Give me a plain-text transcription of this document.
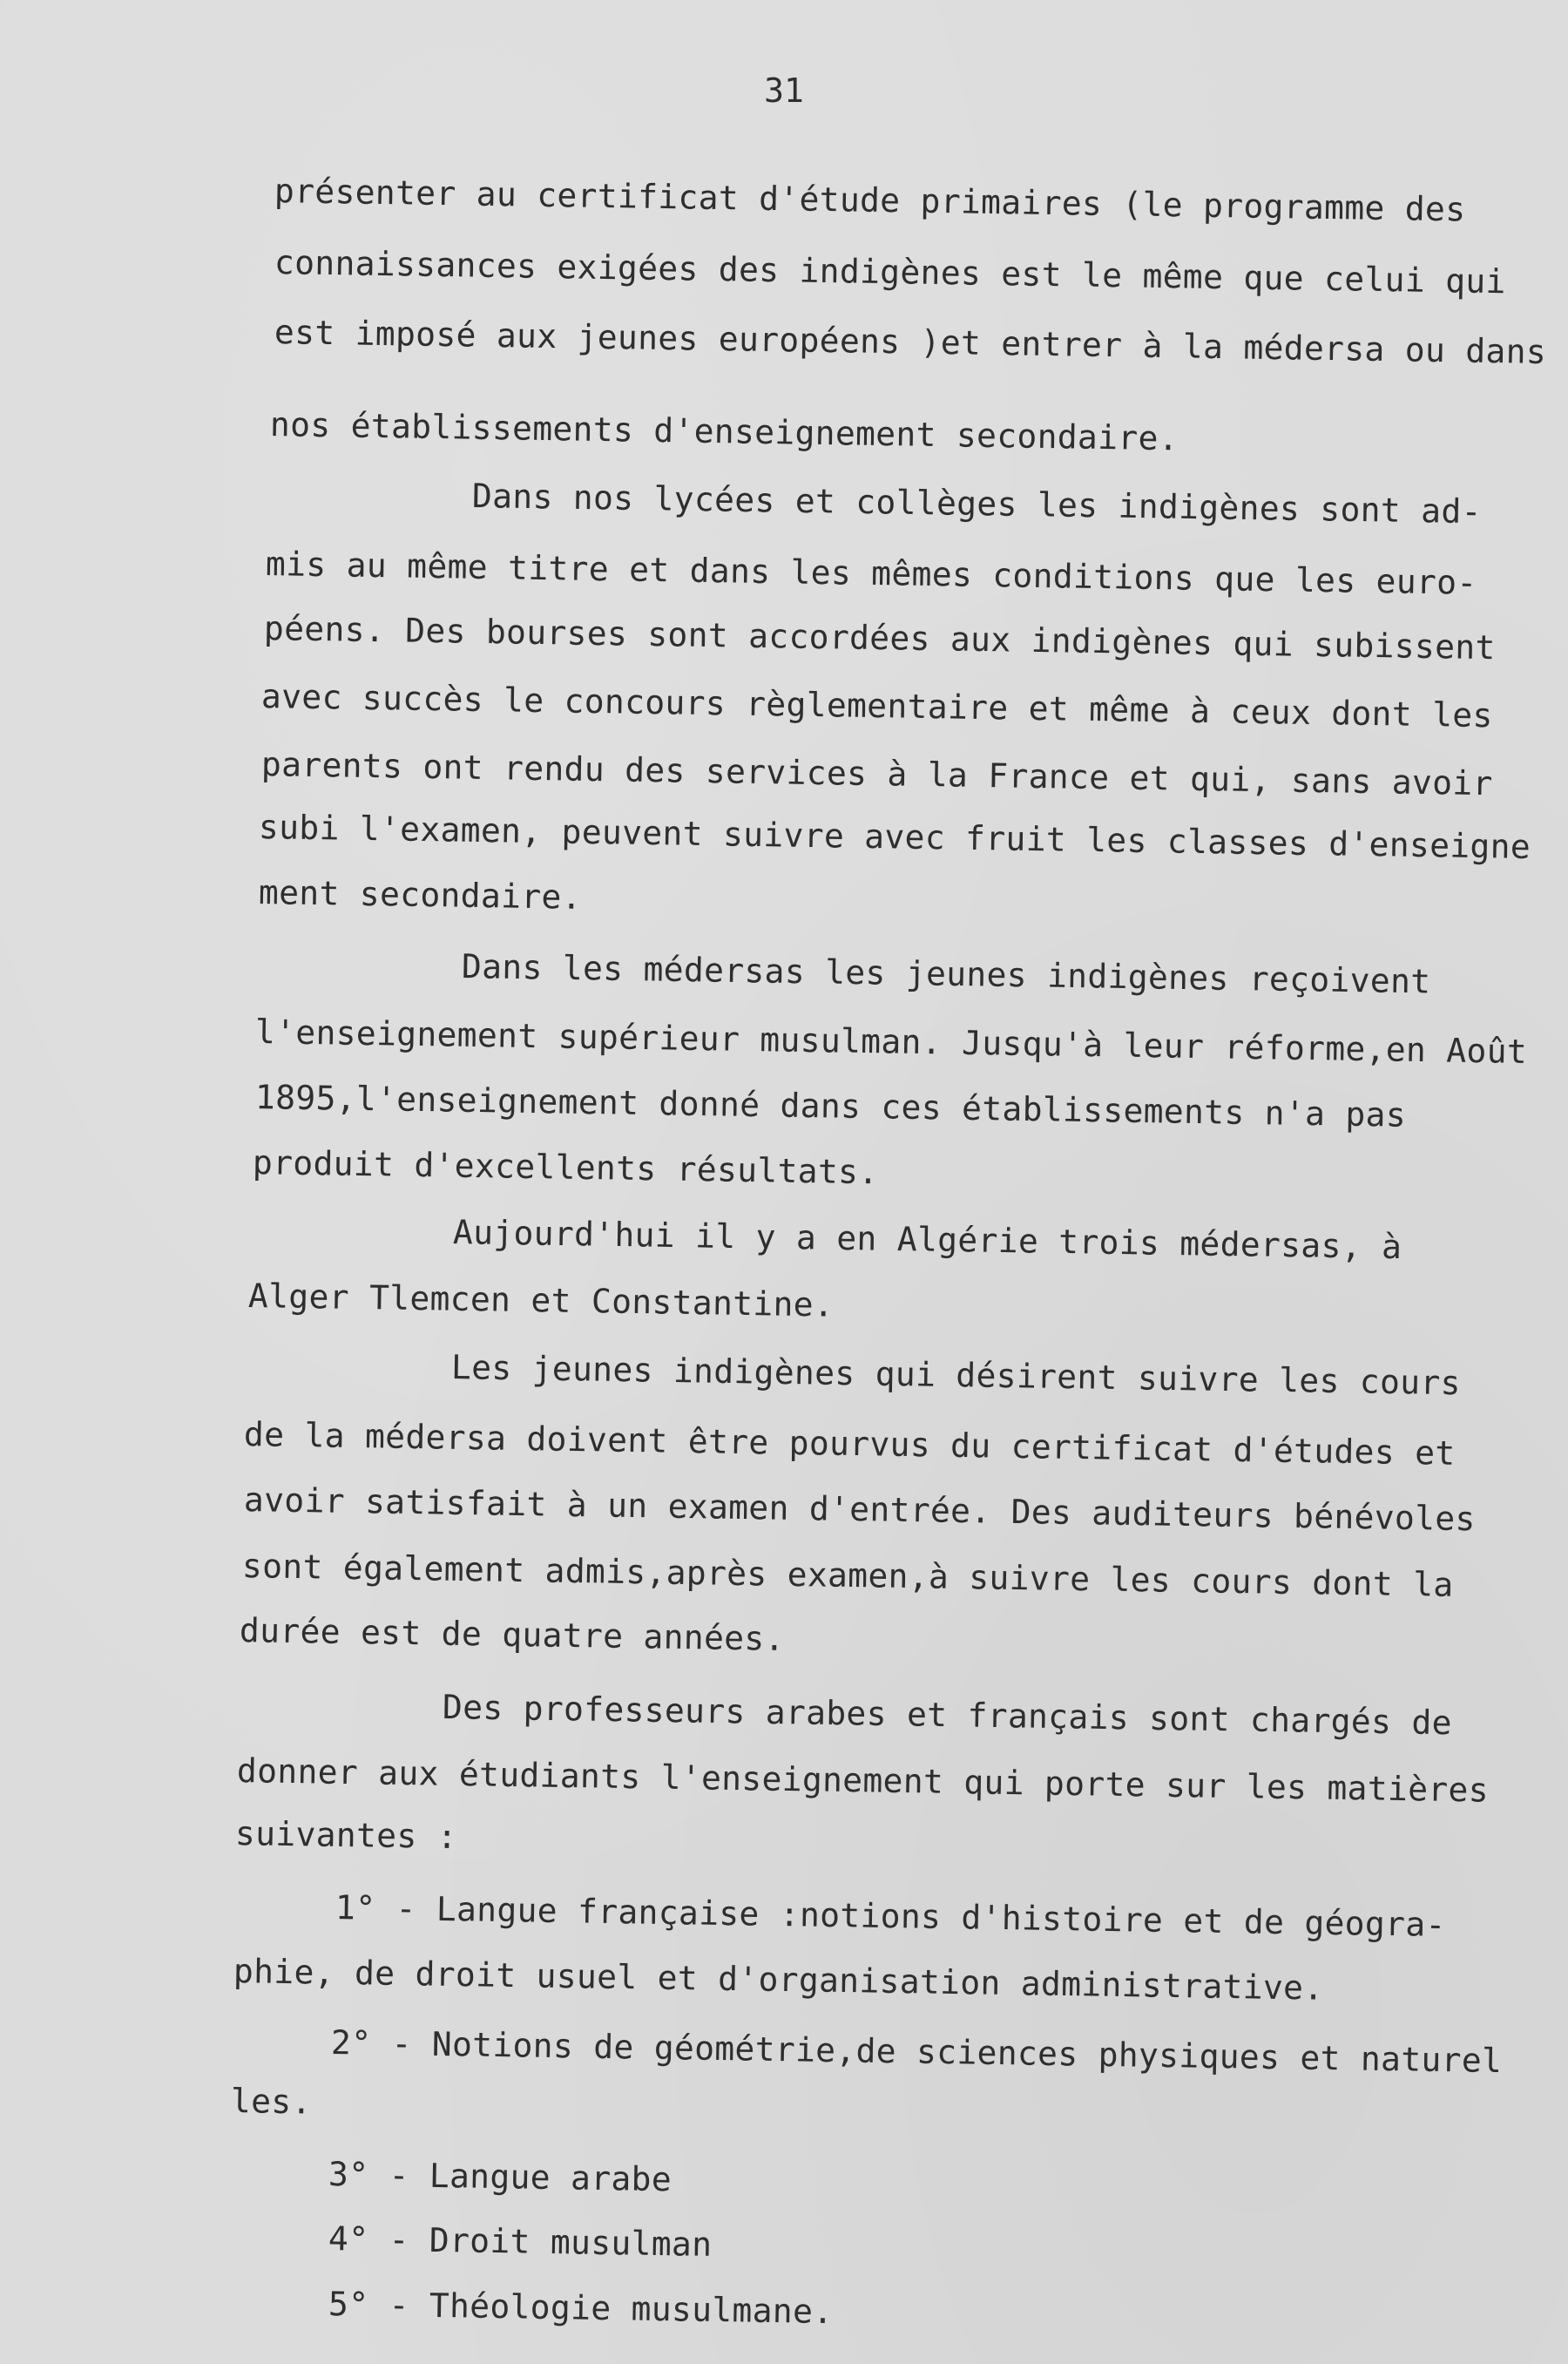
31
présenter au certificat d'étude primaires (le programme des
connaissances exigées des indigènes est le même que celui qui
est imposé aux jeunes européens )et entrer à la médersa ou dans
nos établissements d'enseignement secondaire.
Dans nos lycées et collèges les indigènes sont ad-
mis au même titre et dans les mêmes conditions que les euro-
péens. Des bourses sont accordées aux indigènes qui subissent
avec succès le concours règlementaire et même à ceux dont les
parents ont rendu des services à la France et qui, sans avoir
subi l'examen, peuvent suivre avec fruit les classes d'enseigne
ment secondaire.
Dans les médersas les jeunes indigènes reçoivent
l'enseignement supérieur musulman. Jusqu'à leur réforme,en Août
1895,l'enseignement donné dans ces établissements n'a pas
produit d'excellents résultats.
Aujourd'hui il y a en Algérie trois médersas, à
Alger Tlemcen et Constantine.
Les jeunes indigènes qui désirent suivre les cours
de la médersa doivent être pourvus du certificat d'études et
avoir satisfait à un examen d'entrée. Des auditeurs bénévoles
sont également admis,après examen,à suivre les cours dont la
durée est de quatre années.
Des professeurs arabes et français sont chargés de
donner aux étudiants l'enseignement qui porte sur les matières
suivantes :
1° - Langue française :notions d'histoire et de géogra-
phie, de droit usuel et d'organisation administrative.
2° - Notions de géométrie,de sciences physiques et naturel
les.
3° - Langue arabe
4° - Droit musulman
5° - Théologie musulmane.
